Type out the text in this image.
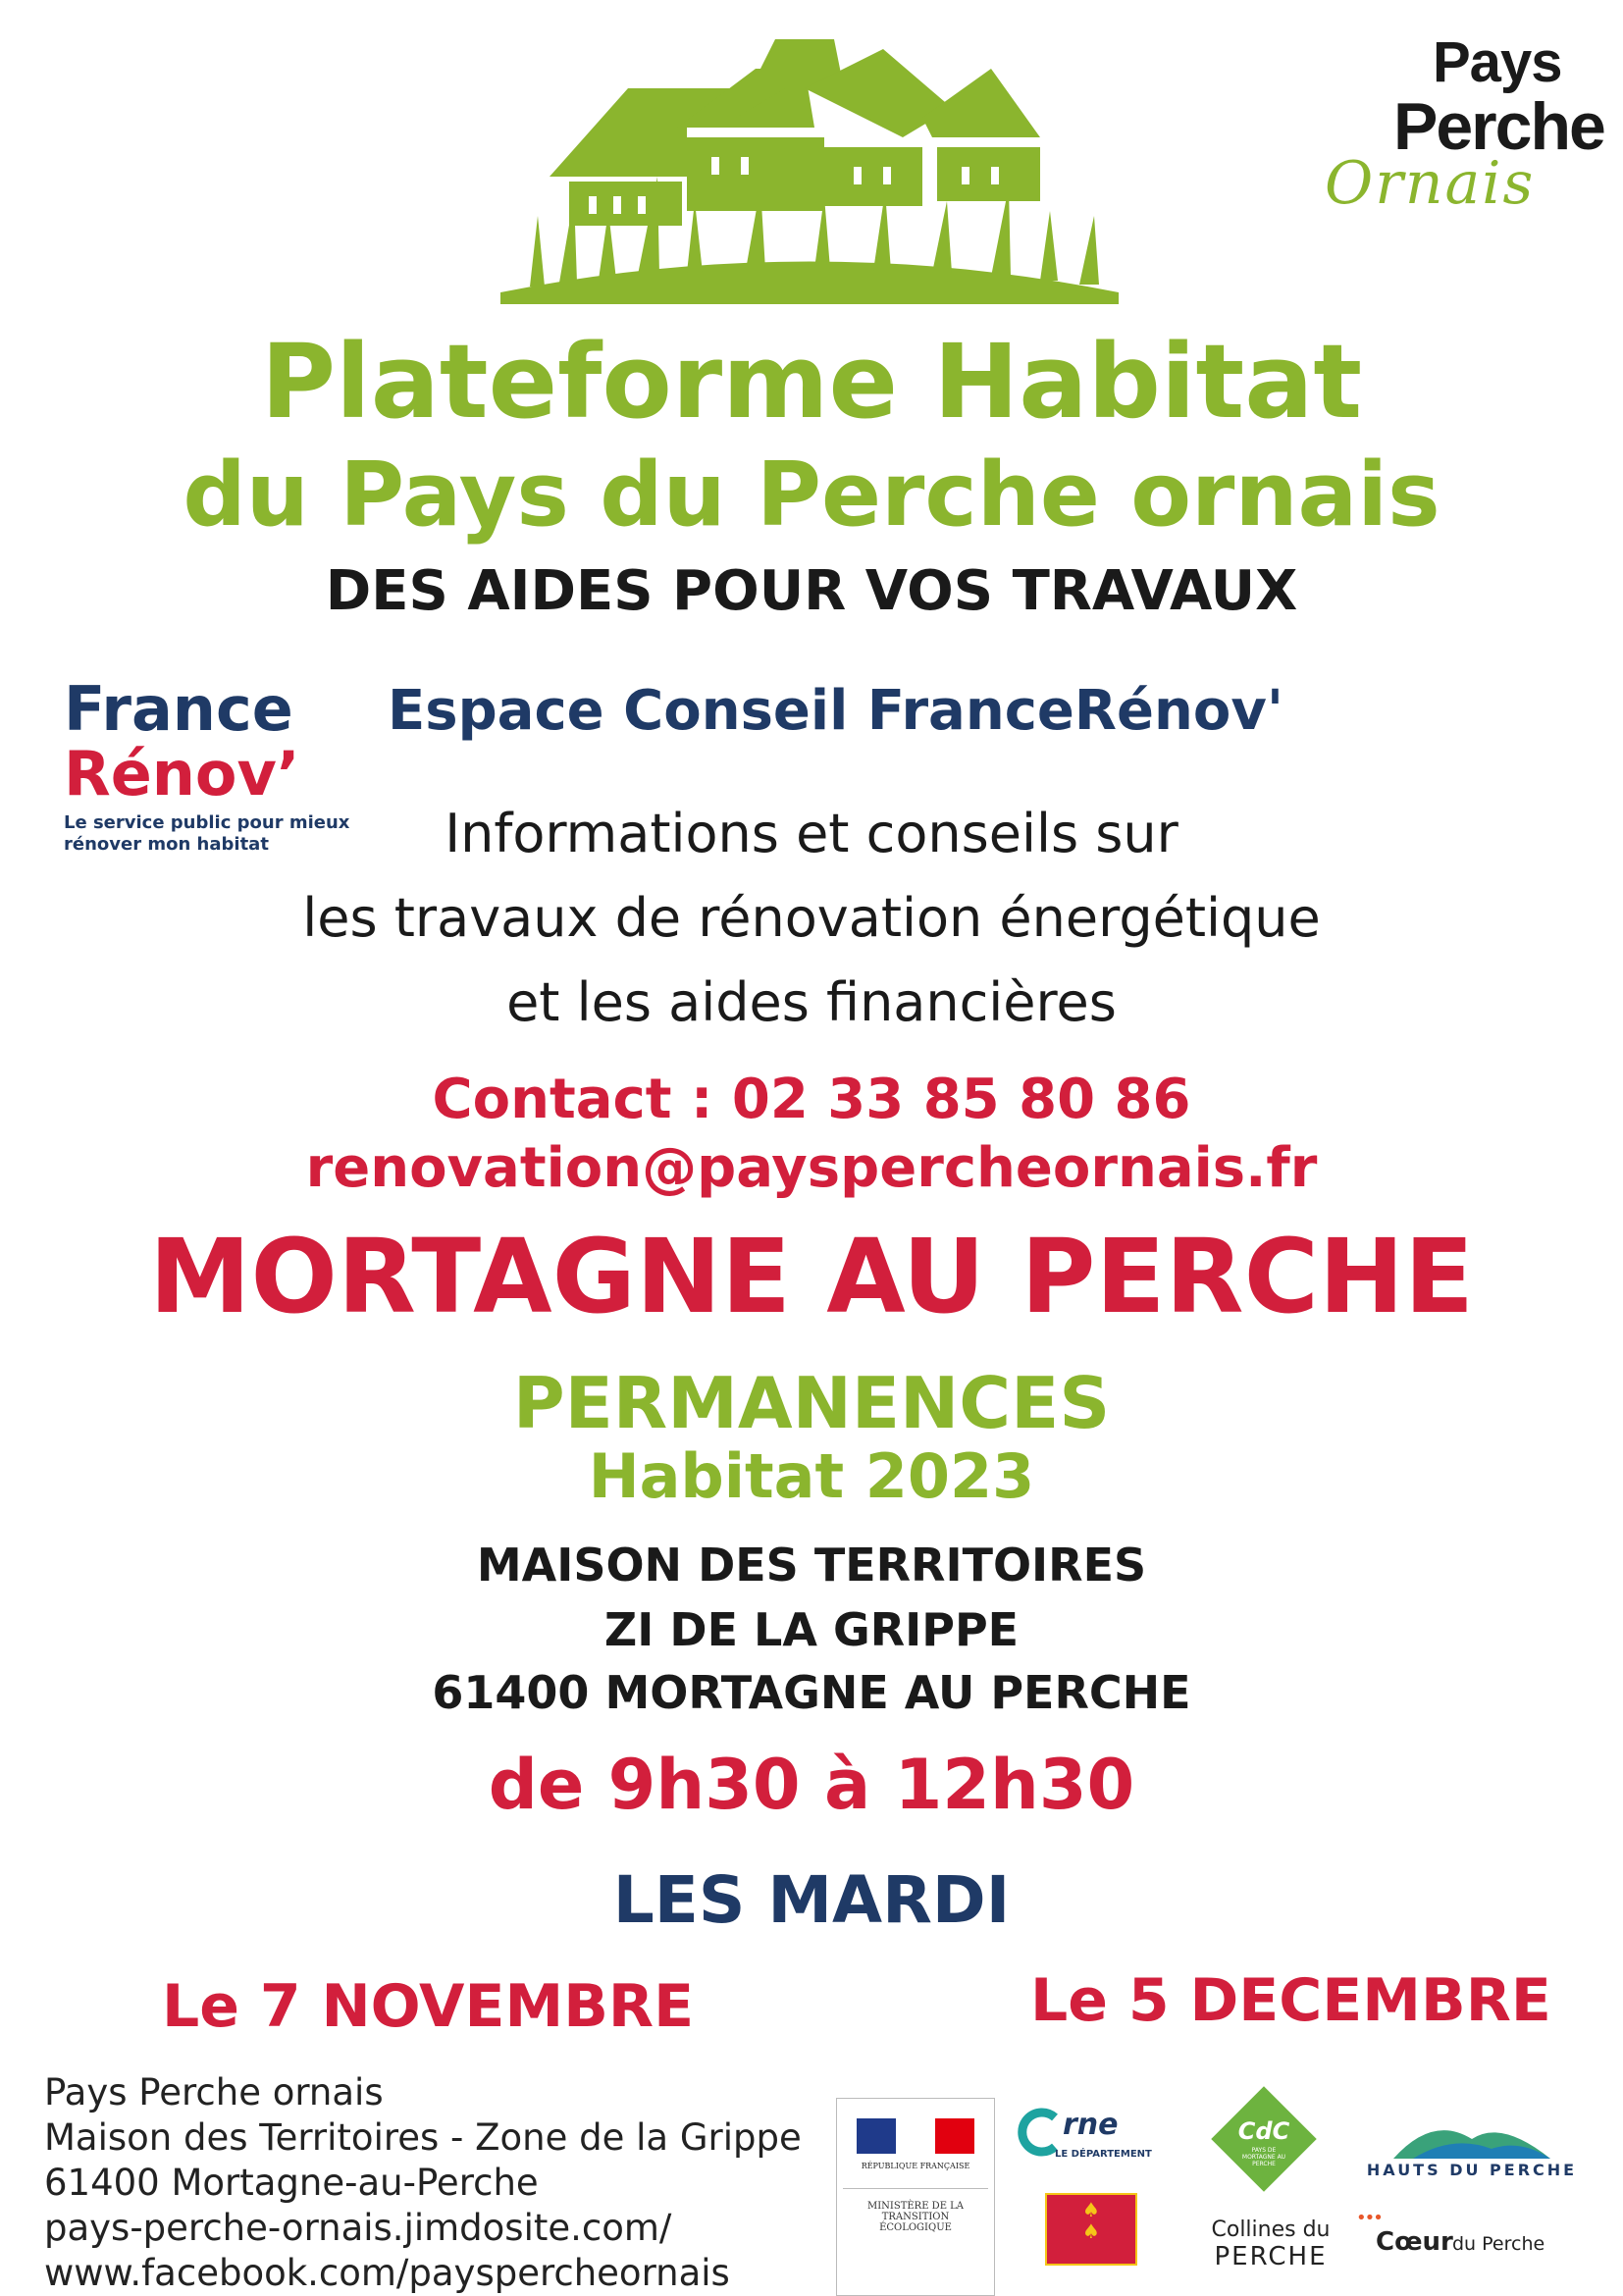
Pays
Perche
Ornais
Plateforme Habitat
du Pays du Perche ornais
DES AIDES POUR VOS TRAVAUX
France
Rénov’
Le service public pour mieux rénover mon habitat
Espace Conseil FranceRénov'
Informations et conseils sur
les travaux de rénovation énergétique
et les aides financières
Contact : 02 33 85 80 86
renovation@payspercheornais.fr
MORTAGNE AU PERCHE
PERMANENCES
Habitat 2023
MAISON DES TERRITOIRES
ZI DE LA GRIPPE
61400 MORTAGNE AU PERCHE
de 9h30 à 12h30
LES MARDI
Le 7 NOVEMBRE	Le 5 DECEMBRE
Pays Perche ornais
Maison des Territoires - Zone de la Grippe
61400 Mortagne-au-Perche
pays-perche-ornais.jimdosite.com/
www.facebook.com/payspercheornais
RÉPUBLIQUE FRANÇAISE
MINISTÈRE DE LA TRANSITION ÉCOLOGIQUE
rne
LE DÉPARTEMENT
♠
♠
CdC
PAYS DE MORTAGNE AU PERCHE
Collines du
PERCHE
HAUTS DU PERCHE
•••
Cœur du Perche
